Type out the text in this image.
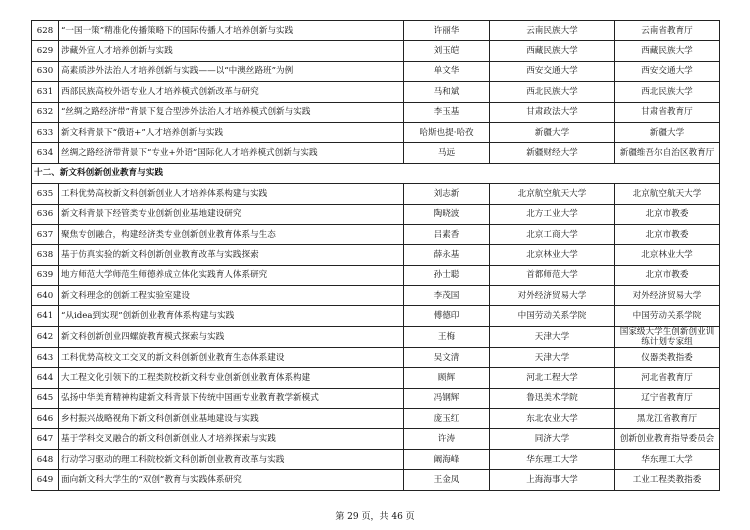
628	“一国一策”精准化传播策略下的国际传播人才培养创新与实践	许丽华	云南民族大学	云南省教育厅
629	涉藏外宣人才培养创新与实践	刘玉皑	西藏民族大学	西藏民族大学
630	高素质涉外法治人才培养创新与实践——以“中澳丝路班”为例	单文华	西安交通大学	西安交通大学
631	西部民族高校外语专业人才培养模式创新改革与研究	马和斌	西北民族大学	西北民族大学
632	“丝绸之路经济带”背景下复合型涉外法治人才培养模式创新与实践	李玉基	甘肃政法大学	甘肃省教育厅
633	新文科背景下“俄语+”人才培养创新与实践	哈斯也提·哈孜	新疆大学	新疆大学
634	丝绸之路经济带背景下“专业+外语”国际化人才培养模式创新与实践	马远	新疆财经大学	新疆维吾尔自治区教育厅
十二、新文科创新创业教育与实践				
635	工科优势高校新文科创新创业人才培养体系构建与实践	刘志新	北京航空航天大学	北京航空航天大学
636	新文科背景下经管类专业创新创业基地建设研究	陶晓波	北方工业大学	北京市教委
637	聚焦专创融合，构建经济类专业创新创业教育体系与生态	吕素香	北京工商大学	北京市教委
638	基于仿真实验的新文科创新创业教育改革与实践探索	薛永基	北京林业大学	北京林业大学
639	地方师范大学师范生师德养成立体化实践育人体系研究	孙士聪	首都师范大学	北京市教委
640	新文科理念的创新工程实验室建设	李茂国	对外经济贸易大学	对外经济贸易大学
641	“从idea到实现”创新创业教育体系构建与实践	傅德印	中国劳动关系学院	中国劳动关系学院
642	新文科创新创业四螺旋教育模式探索与实践	王梅	天津大学	国家级大学生创新创业训练计划专家组
643	工科优势高校文工交叉的新文科创新创业教育生态体系建设	吴文清	天津大学	仪器类教指委
644	大工程文化引领下的工程类院校新文科专业创新创业教育体系构建	顾辉	河北工程大学	河北省教育厅
645	弘扬中华美育精神构建新文科背景下传统中国画专业教育教学新模式	冯钢辉	鲁迅美术学院	辽宁省教育厅
646	乡村振兴战略视角下新文科创新创业基地建设与实践	庞玉红	东北农业大学	黑龙江省教育厅
647	基于学科交叉融合的新文科创新创业人才培养探索与实践	许涛	同济大学	创新创业教育指导委员会
648	行动学习驱动的理工科院校新文科创新创业教育改革与实践	阚海峰	华东理工大学	华东理工大学
649	面向新文科大学生的“双创”教育与实践体系研究	王金凤	上海海事大学	工业工程类教指委
第 29 页，共 46 页
